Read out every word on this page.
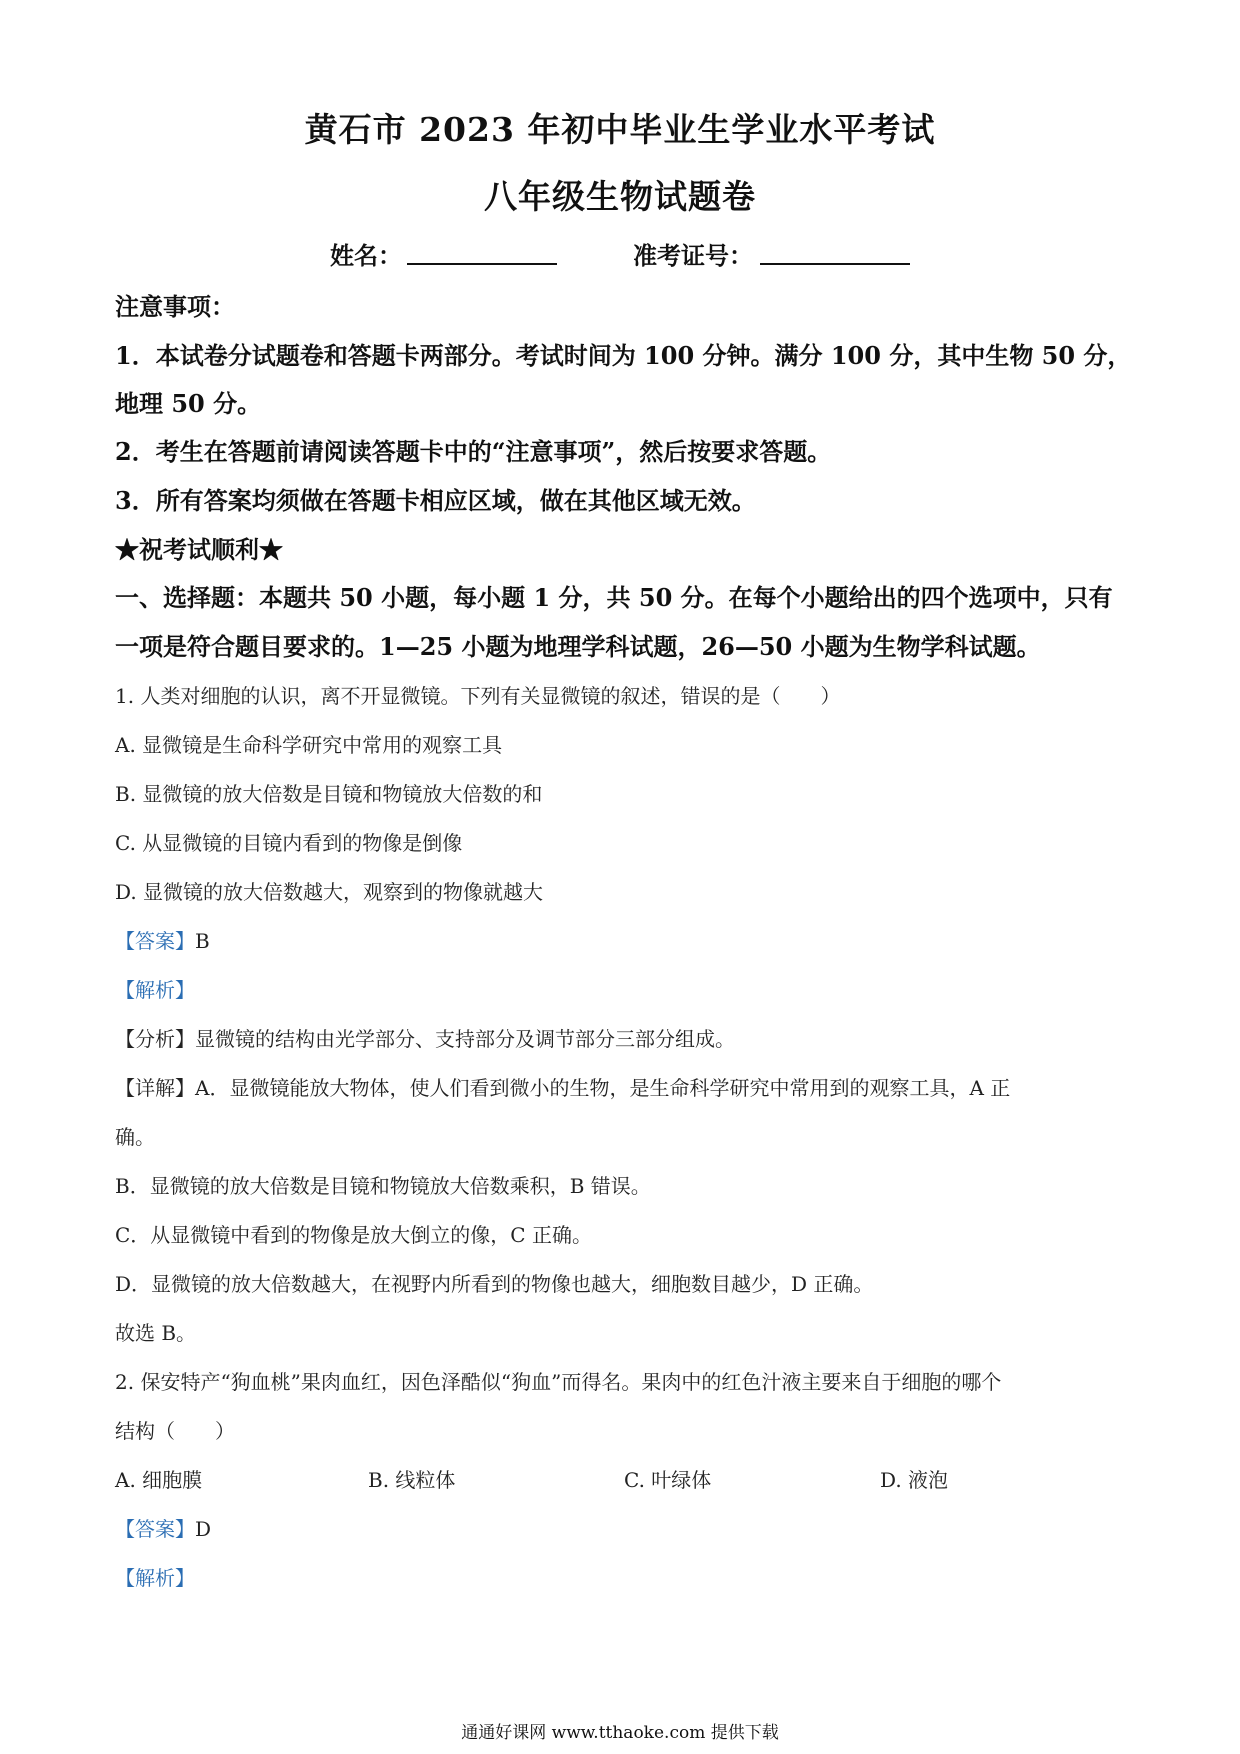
黄石市 2023 年初中毕业生学业水平考试
八年级生物试题卷
姓名：	准考证号：
注意事项：
1．本试卷分试题卷和答题卡两部分。考试时间为 100 分钟。满分 100 分，其中生物 50 分，
地理 50 分。
2．考生在答题前请阅读答题卡中的“注意事项”，然后按要求答题。
3．所有答案均须做在答题卡相应区域，做在其他区域无效。
★祝考试顺利★
一、选择题：本题共 50 小题，每小题 1 分，共 50 分。在每个小题给出的四个选项中，只有
一项是符合题目要求的。1—25 小题为地理学科试题，26—50 小题为生物学科试题。
1. 人类对细胞的认识，离不开显微镜。下列有关显微镜的叙述，错误的是（　　）
A. 显微镜是生命科学研究中常用的观察工具
B. 显微镜的放大倍数是目镜和物镜放大倍数的和
C. 从显微镜的目镜内看到的物像是倒像
D. 显微镜的放大倍数越大，观察到的物像就越大
【答案】B
【解析】
【分析】显微镜的结构由光学部分、支持部分及调节部分三部分组成。
【详解】A．显微镜能放大物体，使人们看到微小的生物，是生命科学研究中常用到的观察工具，A 正
确。
B．显微镜的放大倍数是目镜和物镜放大倍数乘积，B 错误。
C．从显微镜中看到的物像是放大倒立的像，C 正确。
D．显微镜的放大倍数越大，在视野内所看到的物像也越大，细胞数目越少，D 正确。
故选 B。
2. 保安特产“狗血桃”果肉血红，因色泽酷似“狗血”而得名。果肉中的红色汁液主要来自于细胞的哪个
结构（　　）
A. 细胞膜	B. 线粒体	C. 叶绿体	D. 液泡
【答案】D
【解析】
通通好课网 www.tthaoke.com 提供下载
